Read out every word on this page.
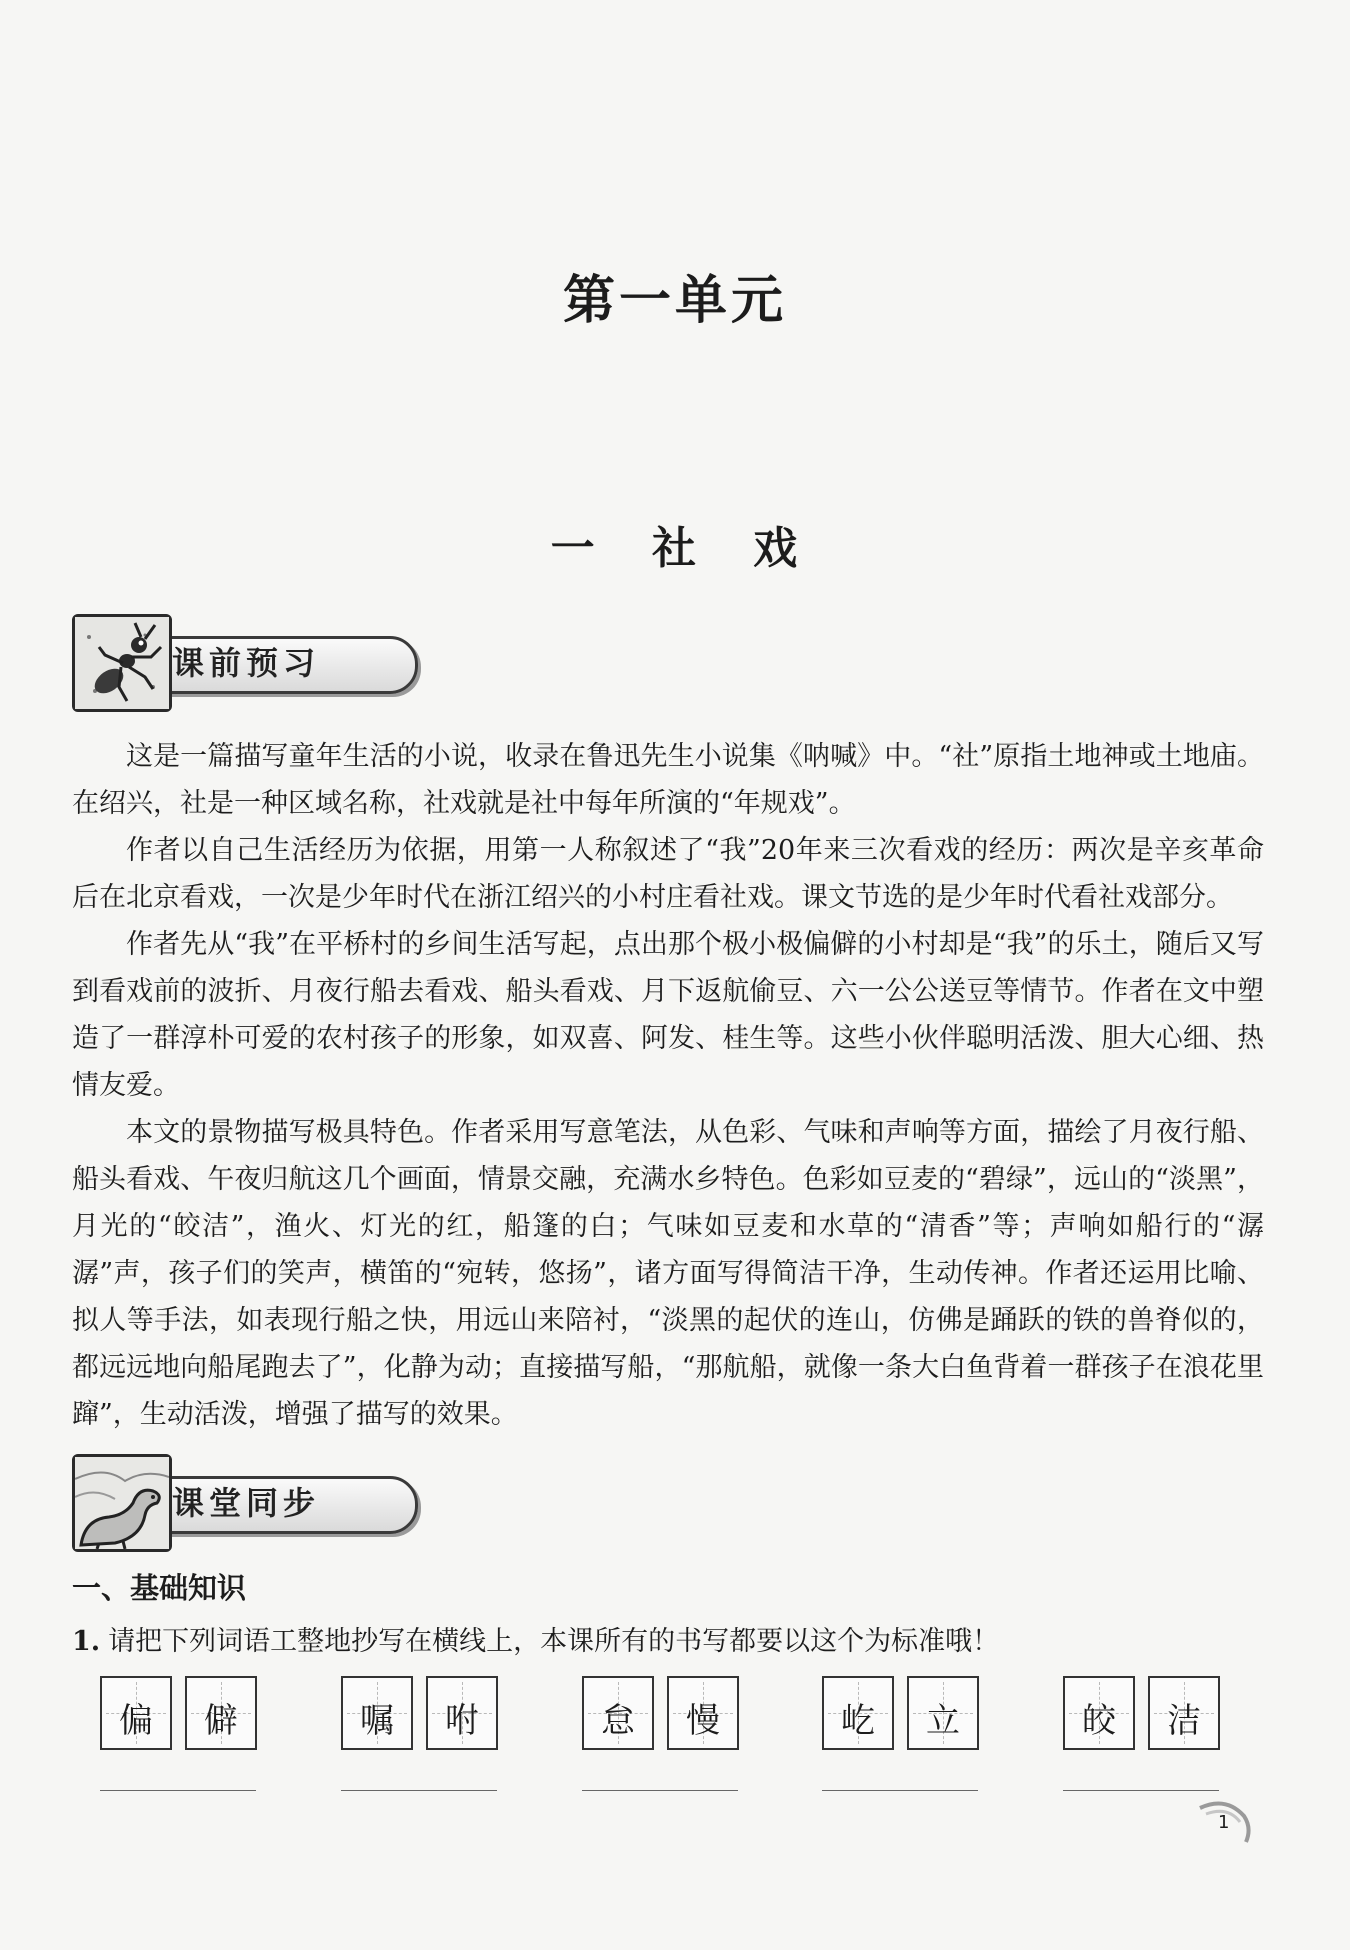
第一单元
一 社 戏
课前预习

这是一篇描写童年生活的小说，收录在鲁迅先生小说集《呐喊》中。“社”原指土地神或土地庙。在绍兴，社是一种区域名称，社戏就是社中每年所演的“年规戏”。

作者以自己生活经历为依据，用第一人称叙述了“我”20年来三次看戏的经历：两次是辛亥革命后在北京看戏，一次是少年时代在浙江绍兴的小村庄看社戏。课文节选的是少年时代看社戏部分。

作者先从“我”在平桥村的乡间生活写起，点出那个极小极偏僻的小村却是“我”的乐土，随后又写到看戏前的波折、月夜行船去看戏、船头看戏、月下返航偷豆、六一公公送豆等情节。作者在文中塑造了一群淳朴可爱的农村孩子的形象，如双喜、阿发、桂生等。这些小伙伴聪明活泼、胆大心细、热情友爱。

本文的景物描写极具特色。作者采用写意笔法，从色彩、气味和声响等方面，描绘了月夜行船、船头看戏、午夜归航这几个画面，情景交融，充满水乡特色。色彩如豆麦的“碧绿”，远山的“淡黑”，月光的“皎洁”，渔火、灯光的红，船篷的白；气味如豆麦和水草的“清香”等；声响如船行的“潺潺”声，孩子们的笑声，横笛的“宛转，悠扬”，诸方面写得简洁干净，生动传神。作者还运用比喻、拟人等手法，如表现行船之快，用远山来陪衬，“淡黑的起伏的连山，仿佛是踊跃的铁的兽脊似的，都远远地向船尾跑去了”，化静为动；直接描写船，“那航船，就像一条大白鱼背着一群孩子在浪花里蹿”，生动活泼，增强了描写的效果。

课堂同步
一、基础知识
1. 请把下列词语工整地抄写在横线上，本课所有的书写都要以这个为标准哦！
偏	僻	嘱	咐	怠	慢	屹	立	皎	洁
1
